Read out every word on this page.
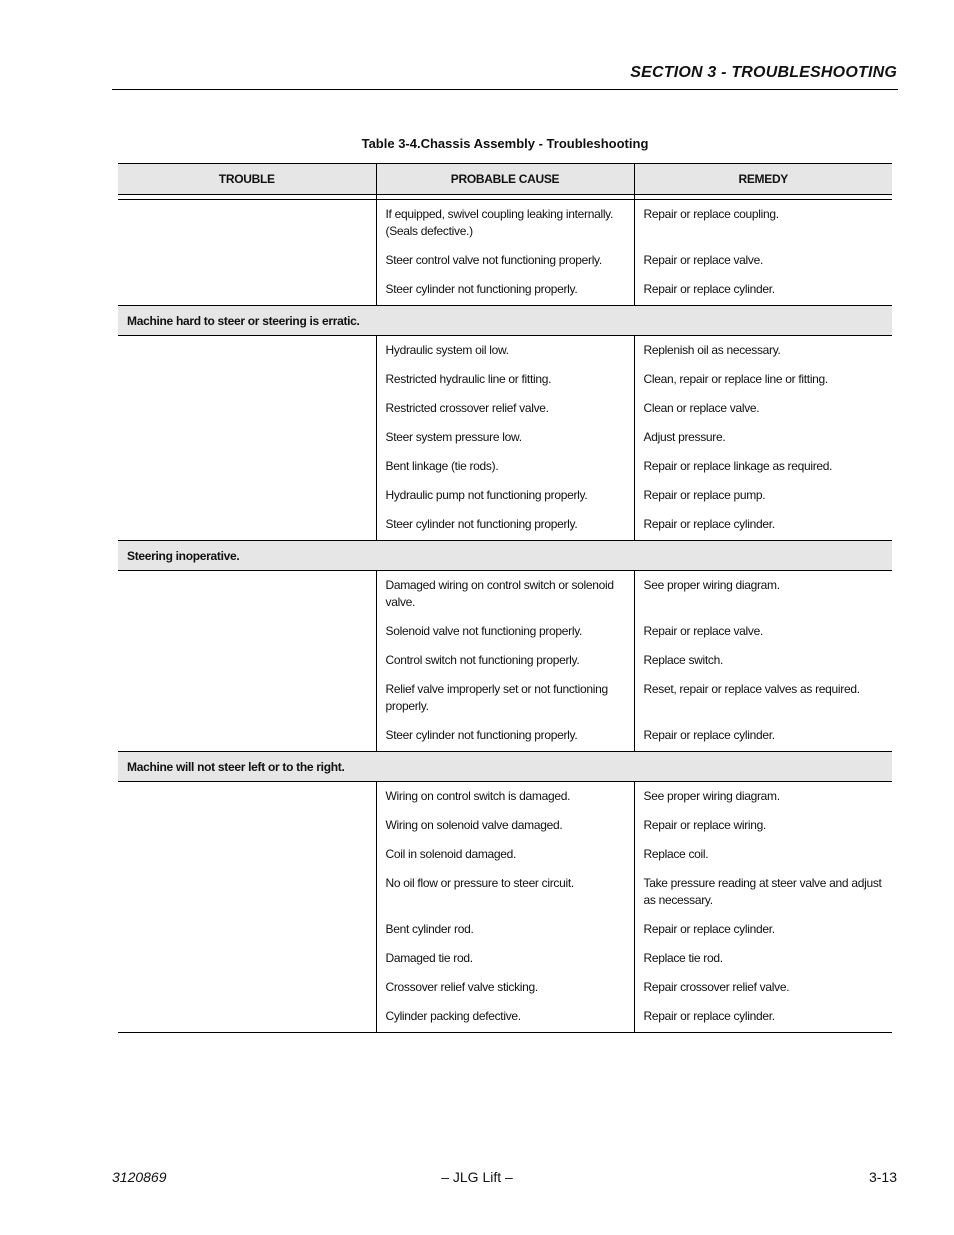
SECTION 3 - TROUBLESHOOTING
Table 3-4.Chassis Assembly - Troubleshooting
TROUBLE	PROBABLE CAUSE	REMEDY

	If equipped, swivel coupling leaking internally. (Seals defective.)	Repair or replace coupling.
	Steer control valve not functioning properly.	Repair or replace valve.
	Steer cylinder not functioning properly.	Repair or replace cylinder.
Machine hard to steer or steering is erratic.		
	Hydraulic system oil low.	Replenish oil as necessary.
	Restricted hydraulic line or fitting.	Clean, repair or replace line or fitting.
	Restricted crossover relief valve.	Clean or replace valve.
	Steer system pressure low.	Adjust pressure.
	Bent linkage (tie rods).	Repair or replace linkage as required.
	Hydraulic pump not functioning properly.	Repair or replace pump.
	Steer cylinder not functioning properly.	Repair or replace cylinder.
Steering inoperative.		
	Damaged wiring on control switch or solenoid valve.	See proper wiring diagram.
	Solenoid valve not functioning properly.	Repair or replace valve.
	Control switch not functioning properly.	Replace switch.
	Relief valve improperly set or not functioning properly.	Reset, repair or replace valves as required.
	Steer cylinder not functioning properly.	Repair or replace cylinder.
Machine will not steer left or to the right.		
	Wiring on control switch is damaged.	See proper wiring diagram.
	Wiring on solenoid valve damaged.	Repair or replace wiring.
	Coil in solenoid damaged.	Replace coil.
	No oil flow or pressure to steer circuit.	Take pressure reading at steer valve and adjust as necessary.
	Bent cylinder rod.	Repair or replace cylinder.
	Damaged tie rod.	Replace tie rod.
	Crossover relief valve sticking.	Repair crossover relief valve.
	Cylinder packing defective.	Repair or replace cylinder.
3120869	– JLG Lift –	3-13
